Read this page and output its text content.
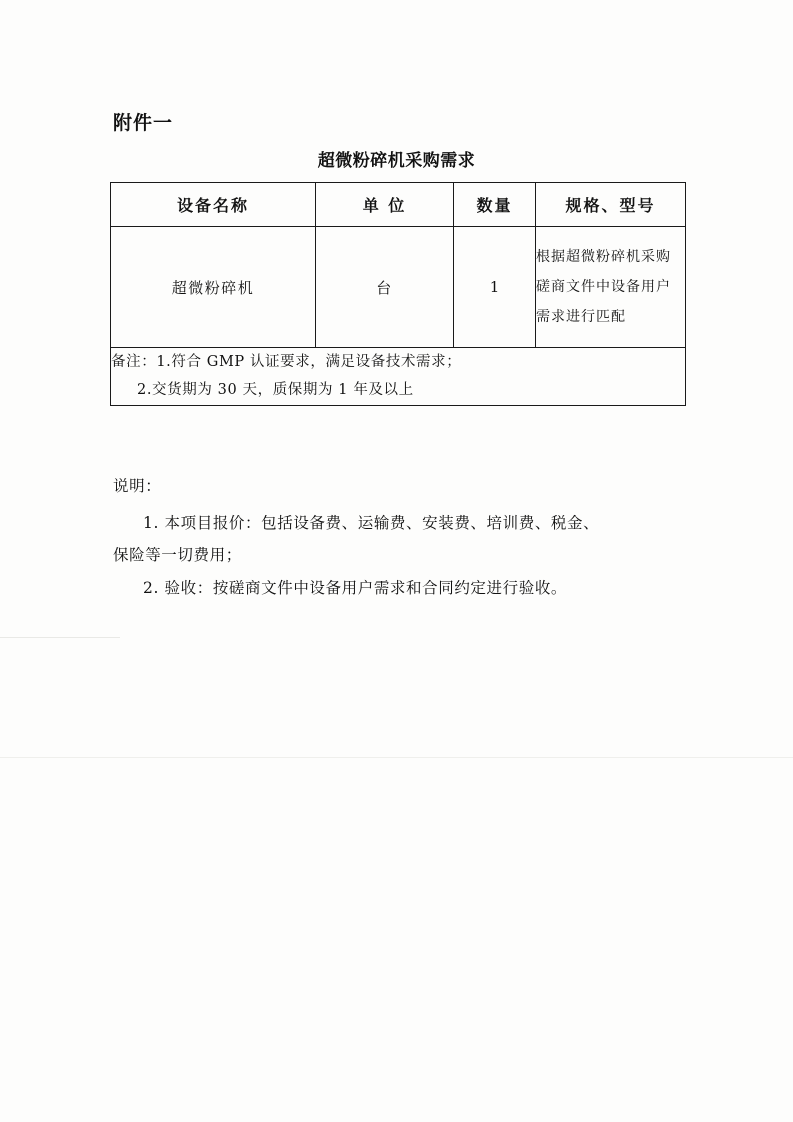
附件一
超微粉碎机采购需求
设备名称	单 位	数量	规格、型号
超微粉碎机	台	1	根据超微粉碎机采购磋商文件中设备用户需求进行匹配
备注：1.符合 GMP 认证要求，满足设备技术需求；
2.交货期为 30 天，质保期为 1 年及以上			
说明：
1. 本项目报价：包括设备费、运输费、安装费、培训费、税金、
保险等一切费用；
2. 验收：按磋商文件中设备用户需求和合同约定进行验收。
